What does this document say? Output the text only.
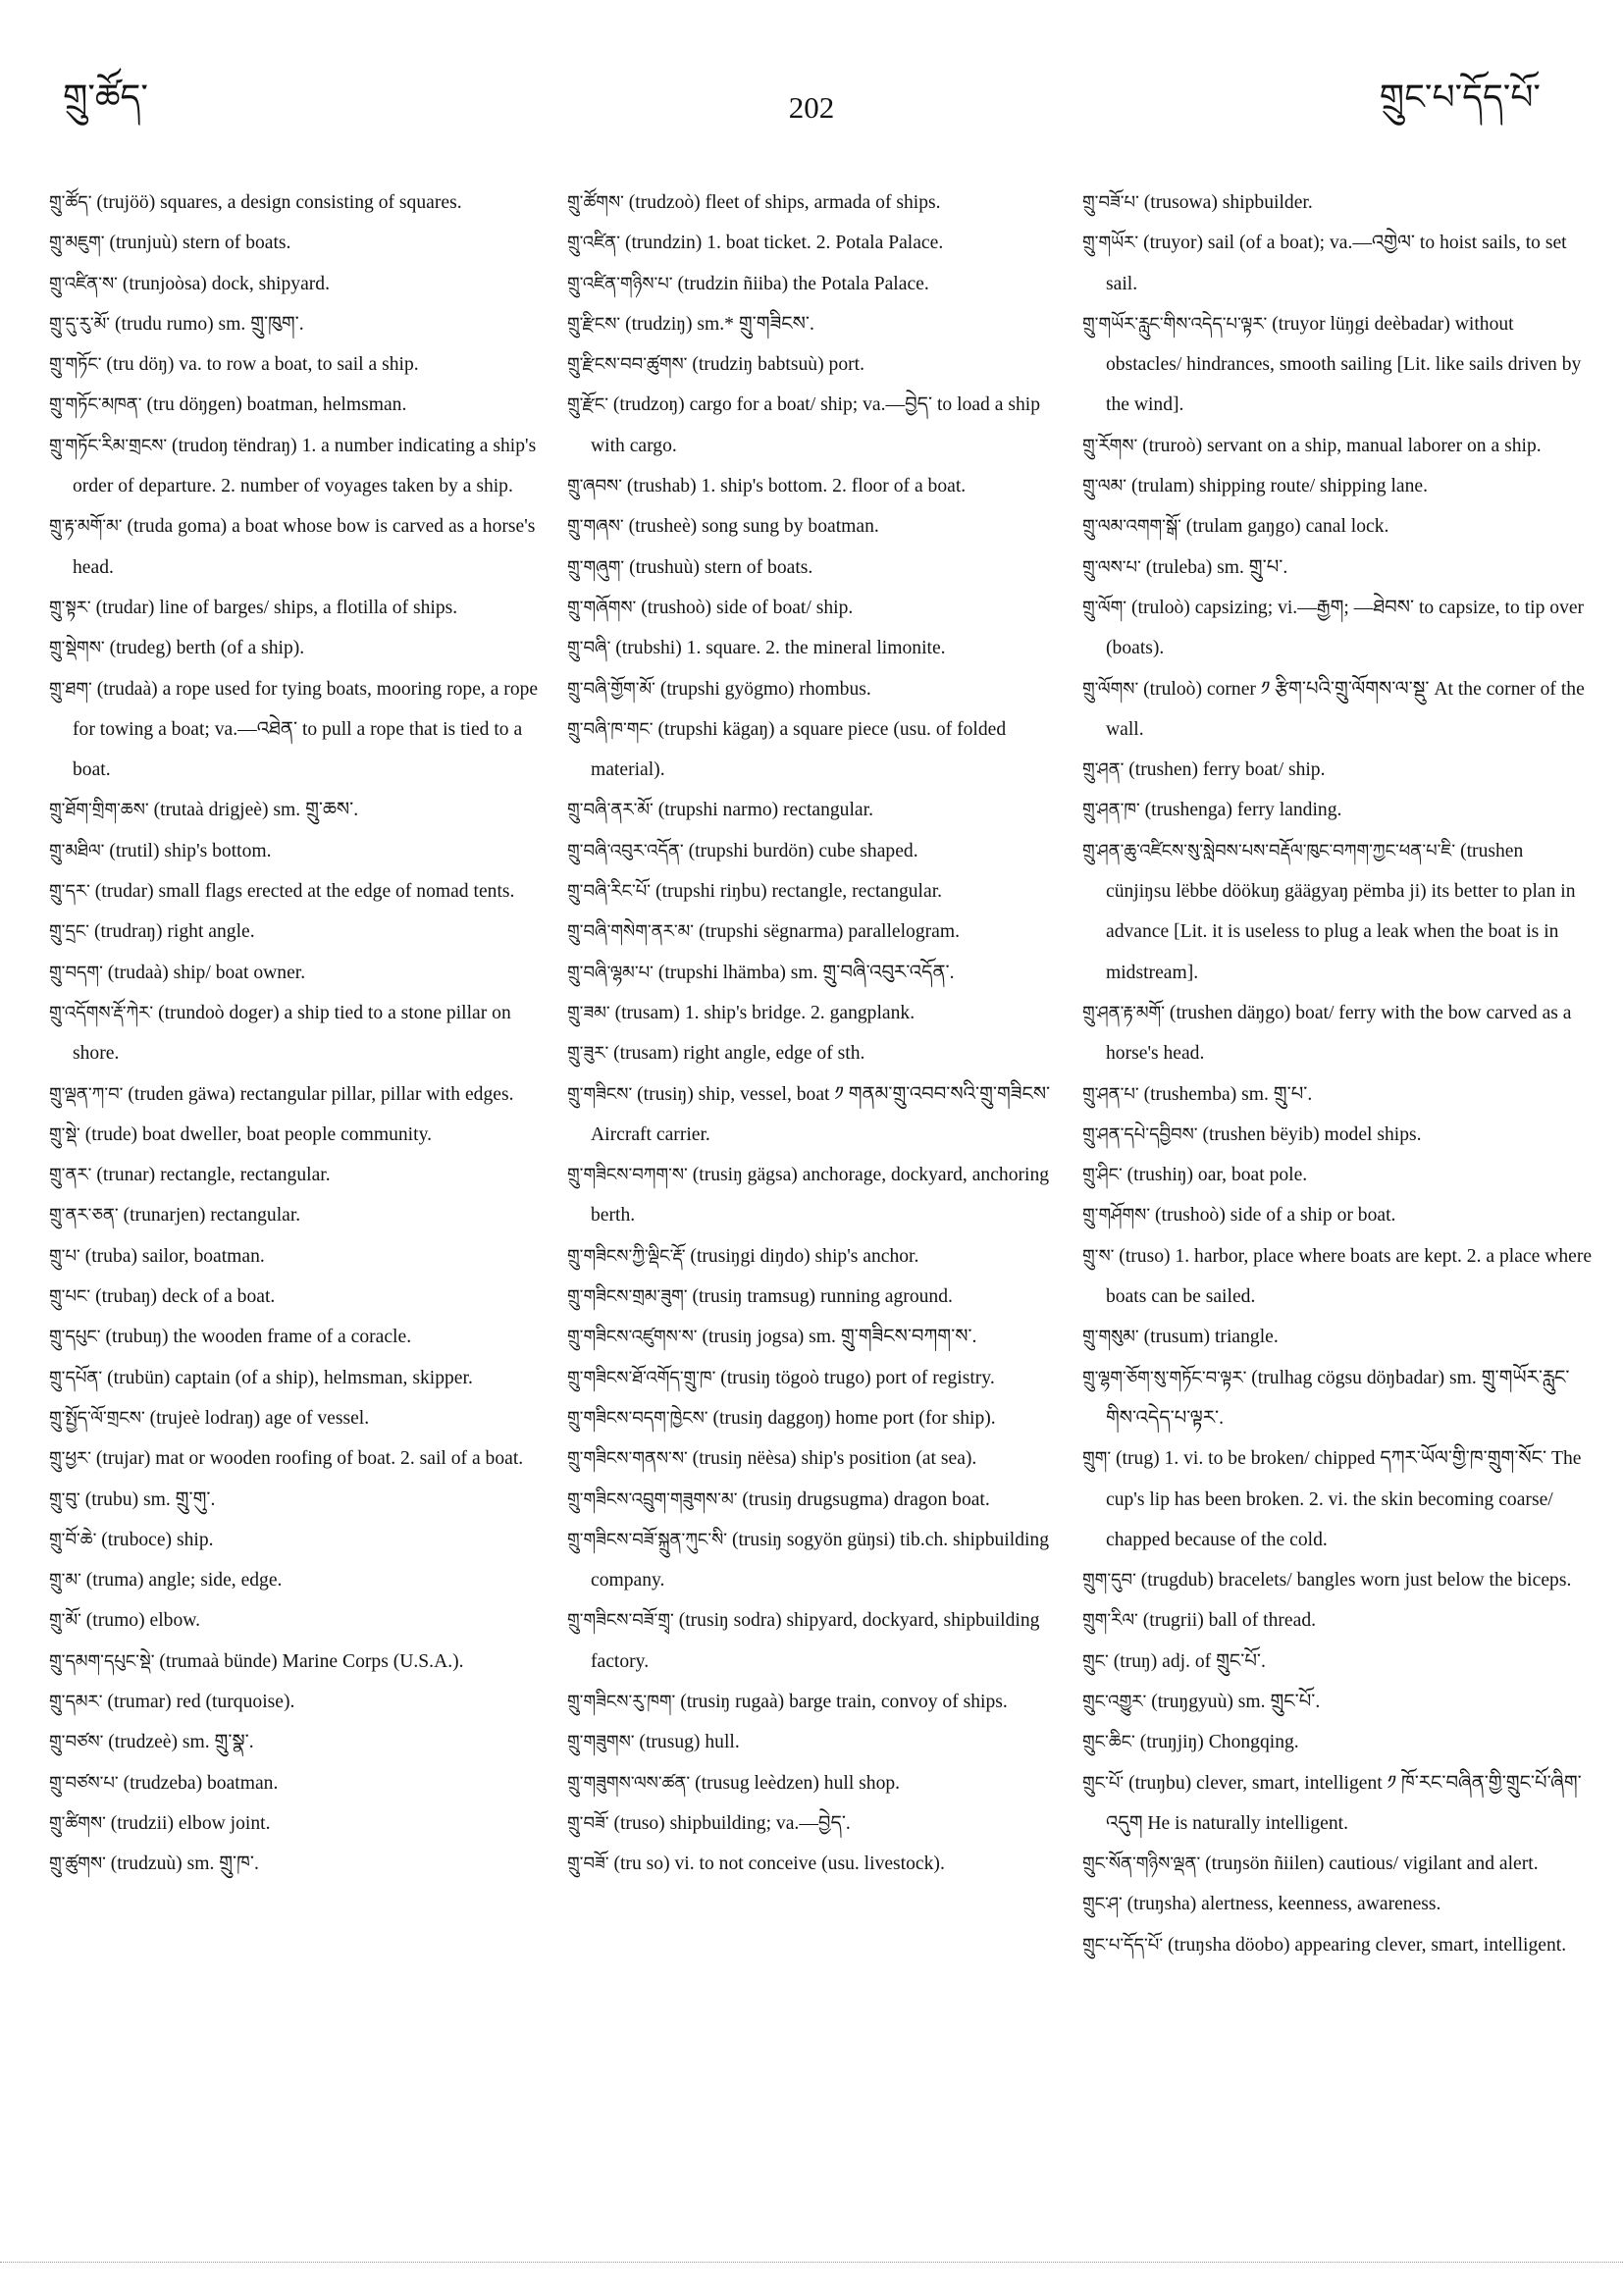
གྲུ་ཚོད་	202	གྲུང་པ་དོད་པོ་
གྲུ་ཚོད་ (trujöö) squares, a design consisting of squares.
གྲུ་མཇུག་ (trunjuù) stern of boats.
གྲུ་འཛིན་ས་ (trunjoòsa) dock, shipyard.
གྲུ་དུ་རུ་མོ་ (trudu rumo) sm. གྲུ་ཁུག་.
གྲུ་གཏོང་ (tru döŋ) va. to row a boat, to sail a ship.
གྲུ་གཏོང་མཁན་ (tru döŋgen) boatman, helmsman.
གྲུ་གཏོང་རིམ་གྲངས་ (trudoŋ tëndraŋ) 1. a number indicating a ship's order of departure. 2. number of voyages taken by a ship.
གྲུ་རྟ་མགོ་མ་ (truda goma) a boat whose bow is carved as a horse's head.
གྲུ་སྟར་ (trudar) line of barges/ ships, a flotilla of ships.
གྲུ་སྡེགས་ (trudeg) berth (of a ship).
གྲུ་ཐག་ (trudaà) a rope used for tying boats, mooring rope, a rope for towing a boat; va.—འཐེན་ to pull a rope that is tied to a boat.
གྲུ་ཐོག་གྲིག་ཆས་ (trutaà drigjeè) sm. གྲུ་ཆས་.
གྲུ་མཐིལ་ (trutil) ship's bottom.
གྲུ་དར་ (trudar) small flags erected at the edge of nomad tents.
གྲུ་དྲང་ (trudraŋ) right angle.
གྲུ་བདག་ (trudaà) ship/ boat owner.
གྲུ་འདོགས་རྡོ་ཀེར་ (trundoò doger) a ship tied to a stone pillar on shore.
གྲུ་ལྡན་ཀ་བ་ (truden gäwa) rectangular pillar, pillar with edges.
གྲུ་སྡེ་ (trude) boat dweller, boat people community.
གྲུ་ནར་ (trunar) rectangle, rectangular.
གྲུ་ནར་ཅན་ (trunarjen) rectangular.
གྲུ་པ་ (truba) sailor, boatman.
གྲུ་པང་ (trubaŋ) deck of a boat.
གྲུ་དཔུང་ (trubuŋ) the wooden frame of a coracle.
གྲུ་དཔོན་ (trubün) captain (of a ship), helmsman, skipper.
གྲུ་སྤྱོད་ལོ་གྲངས་ (trujeè lodraŋ) age of vessel.
གྲུ་ཕྱར་ (trujar) mat or wooden roofing of boat. 2. sail of a boat.
གྲུ་བུ་ (trubu) sm. གྲུ་གུ་.
གྲུ་བོ་ཆེ་ (truboce) ship.
གྲུ་མ་ (truma) angle; side, edge.
གྲུ་མོ་ (trumo) elbow.
གྲུ་དམག་དཔུང་སྡེ་ (trumaà bünde) Marine Corps (U.S.A.).
གྲུ་དམར་ (trumar) red (turquoise).
གྲུ་བཙས་ (trudzeè) sm. གྲུ་སྣ་.
གྲུ་བཙས་པ་ (trudzeba) boatman.
གྲུ་ཚིགས་ (trudzii) elbow joint.
གྲུ་ཚུགས་ (trudzuù) sm. གྲུ་ཁ་.
གྲུ་ཚོགས་ (trudzoò) fleet of ships, armada of ships.
གྲུ་འཛིན་ (trundzin) 1. boat ticket. 2. Potala Palace.
གྲུ་འཛིན་གཉིས་པ་ (trudzin ñiiba) the Potala Palace.
གྲུ་རྫིངས་ (trudziŋ) sm.* གྲུ་གཟིངས་.
གྲུ་རྫིངས་བབ་ཚུགས་ (trudziŋ babtsuù) port.
གྲུ་རྫོང་ (trudzoŋ) cargo for a boat/ ship; va.—བྱེད་ to load a ship with cargo.
གྲུ་ཞབས་ (trushab) 1. ship's bottom. 2. floor of a boat.
གྲུ་གཞས་ (trusheè) song sung by boatman.
གྲུ་གཞུག་ (trushuù) stern of boats.
གྲུ་གཞོགས་ (trushoò) side of boat/ ship.
གྲུ་བཞི་ (trubshi) 1. square. 2. the mineral limonite.
གྲུ་བཞི་གྱོག་མོ་ (trupshi gyögmo) rhombus.
གྲུ་བཞི་ཁ་གང་ (trupshi kägaŋ) a square piece (usu. of folded material).
གྲུ་བཞི་ནར་མོ་ (trupshi narmo) rectangular.
གྲུ་བཞི་འབུར་འདོན་ (trupshi burdön) cube shaped.
གྲུ་བཞི་རིང་པོ་ (trupshi riŋbu) rectangle, rectangular.
གྲུ་བཞི་གསེག་ནར་མ་ (trupshi sëgnarma) parallelogram.
གྲུ་བཞི་ལྷམ་པ་ (trupshi lhämba) sm. གྲུ་བཞི་འབུར་འདོན་.
གྲུ་ཟམ་ (trusam) 1. ship's bridge. 2. gangplank.
གྲུ་ཟུར་ (trusam) right angle, edge of sth.
གྲུ་གཟིངས་ (trusiŋ) ship, vessel, boat ༡ གནམ་གྲུ་འབབ་སའི་གྲུ་གཟིངས་ Aircraft carrier.
གྲུ་གཟིངས་བཀག་ས་ (trusiŋ gägsa) anchorage, dockyard, anchoring berth.
གྲུ་གཟིངས་ཀྱི་ལྡིང་རྡོ་ (trusiŋgi diŋdo) ship's anchor.
གྲུ་གཟིངས་གྲམ་ཟུག་ (trusiŋ tramsug) running aground.
གྲུ་གཟིངས་འཛུགས་ས་ (trusiŋ jogsa) sm. གྲུ་གཟིངས་བཀག་ས་.
གྲུ་གཟིངས་ཐོ་འགོད་གྲུ་ཁ་ (trusiŋ tögoò trugo) port of registry.
གྲུ་གཟིངས་བདག་ཁྱེངས་ (trusiŋ daggoŋ) home port (for ship).
གྲུ་གཟིངས་གནས་ས་ (trusiŋ nëèsa) ship's position (at sea).
གྲུ་གཟིངས་འབྲུག་གཟུགས་མ་ (trusiŋ drugsugma) dragon boat.
གྲུ་གཟིངས་བཟོ་སྐྲུན་ཀུང་སི་ (trusiŋ sogyön güŋsi) tib.ch. shipbuilding company.
གྲུ་གཟིངས་བཟོ་གྲྭ་ (trusiŋ sodra) shipyard, dockyard, shipbuilding factory.
གྲུ་གཟིངས་རུ་ཁག་ (trusiŋ rugaà) barge train, convoy of ships.
གྲུ་གཟུགས་ (trusug) hull.
གྲུ་གཟུགས་ལས་ཚན་ (trusug leèdzen) hull shop.
གྲུ་བཟོ་ (truso) shipbuilding; va.—བྱེད་.
གྲུ་བཟོ་ (tru so) vi. to not conceive (usu. livestock).
གྲུ་བཟོ་པ་ (trusowa) shipbuilder.
གྲུ་གཡོར་ (truyor) sail (of a boat); va.—འགྱེལ་ to hoist sails, to set sail.
གྲུ་གཡོར་རླུང་གིས་འདེད་པ་ལྟར་ (truyor lüŋgi deèbadar) without obstacles/ hindrances, smooth sailing [Lit. like sails driven by the wind].
གྲུ་རོགས་ (truroò) servant on a ship, manual laborer on a ship.
གྲུ་ལམ་ (trulam) shipping route/ shipping lane.
གྲུ་ལམ་འགག་སྒོ་ (trulam gaŋgo) canal lock.
གྲུ་ལས་པ་ (truleba) sm. གྲུ་པ་.
གྲུ་ལོག་ (truloò) capsizing; vi.—རྒྱག; —ཐེབས་ to capsize, to tip over (boats).
གྲུ་ལོགས་ (truloò) corner ༡ རྩིག་པའི་གྲུ་ལོགས་ལ་སྡུ་ At the corner of the wall.
གྲུ་ཤན་ (trushen) ferry boat/ ship.
གྲུ་ཤན་ཁ་ (trushenga) ferry landing.
གྲུ་ཤན་ཆུ་འཛིངས་སུ་སླེབས་པས་བརྡོལ་ཁུང་བཀག་ཀྱང་ཕན་པ་ཇི་ (trushen cünjiŋsu lëbbe döökuŋ gäägyaŋ pëmba ji) its better to plan in advance [Lit. it is useless to plug a leak when the boat is in midstream].
གྲུ་ཤན་རྟ་མགོ་ (trushen däŋgo) boat/ ferry with the bow carved as a horse's head.
གྲུ་ཤན་པ་ (trushemba) sm. གྲུ་པ་.
གྲུ་ཤན་དཔེ་དབྱིབས་ (trushen bëyib) model ships.
གྲུ་ཤིང་ (trushiŋ) oar, boat pole.
གྲུ་གཤོགས་ (trushoò) side of a ship or boat.
གྲུ་ས་ (truso) 1. harbor, place where boats are kept. 2. a place where boats can be sailed.
གྲུ་གསུམ་ (trusum) triangle.
གྲུ་ལྷག་ཅོག་སུ་གཏོང་བ་ལྟར་ (trulhag cögsu döŋbadar) sm. གྲུ་གཡོར་རླུང་གིས་འདེད་པ་ལྟར་.
གྲུག་ (trug) 1. vi. to be broken/ chipped དཀར་ཡོལ་གྱི་ཁ་གྲུག་སོང་ The cup's lip has been broken. 2. vi. the skin becoming coarse/ chapped because of the cold.
གྲུག་དུབ་ (trugdub) bracelets/ bangles worn just below the biceps.
གྲུག་རིལ་ (trugrii) ball of thread.
གྲུང་ (truŋ) adj. of གྲུང་པོ་.
གྲུང་འགྱུར་ (truŋgyuù) sm. གྲུང་པོ་.
གྲུང་ཆིང་ (truŋjiŋ) Chongqing.
གྲུང་པོ་ (truŋbu) clever, smart, intelligent ༡ ཁོ་རང་བཞིན་གྱི་གྲུང་པོ་ཞིག་འདུག He is naturally intelligent.
གྲུང་སོན་གཉིས་ལྡན་ (truŋsön ñiilen) cautious/ vigilant and alert.
གྲུང་ཤ་ (truŋsha) alertness, keenness, awareness.
གྲུང་པ་དོད་པོ་ (truŋsha döobo) appearing clever, smart, intelligent.
